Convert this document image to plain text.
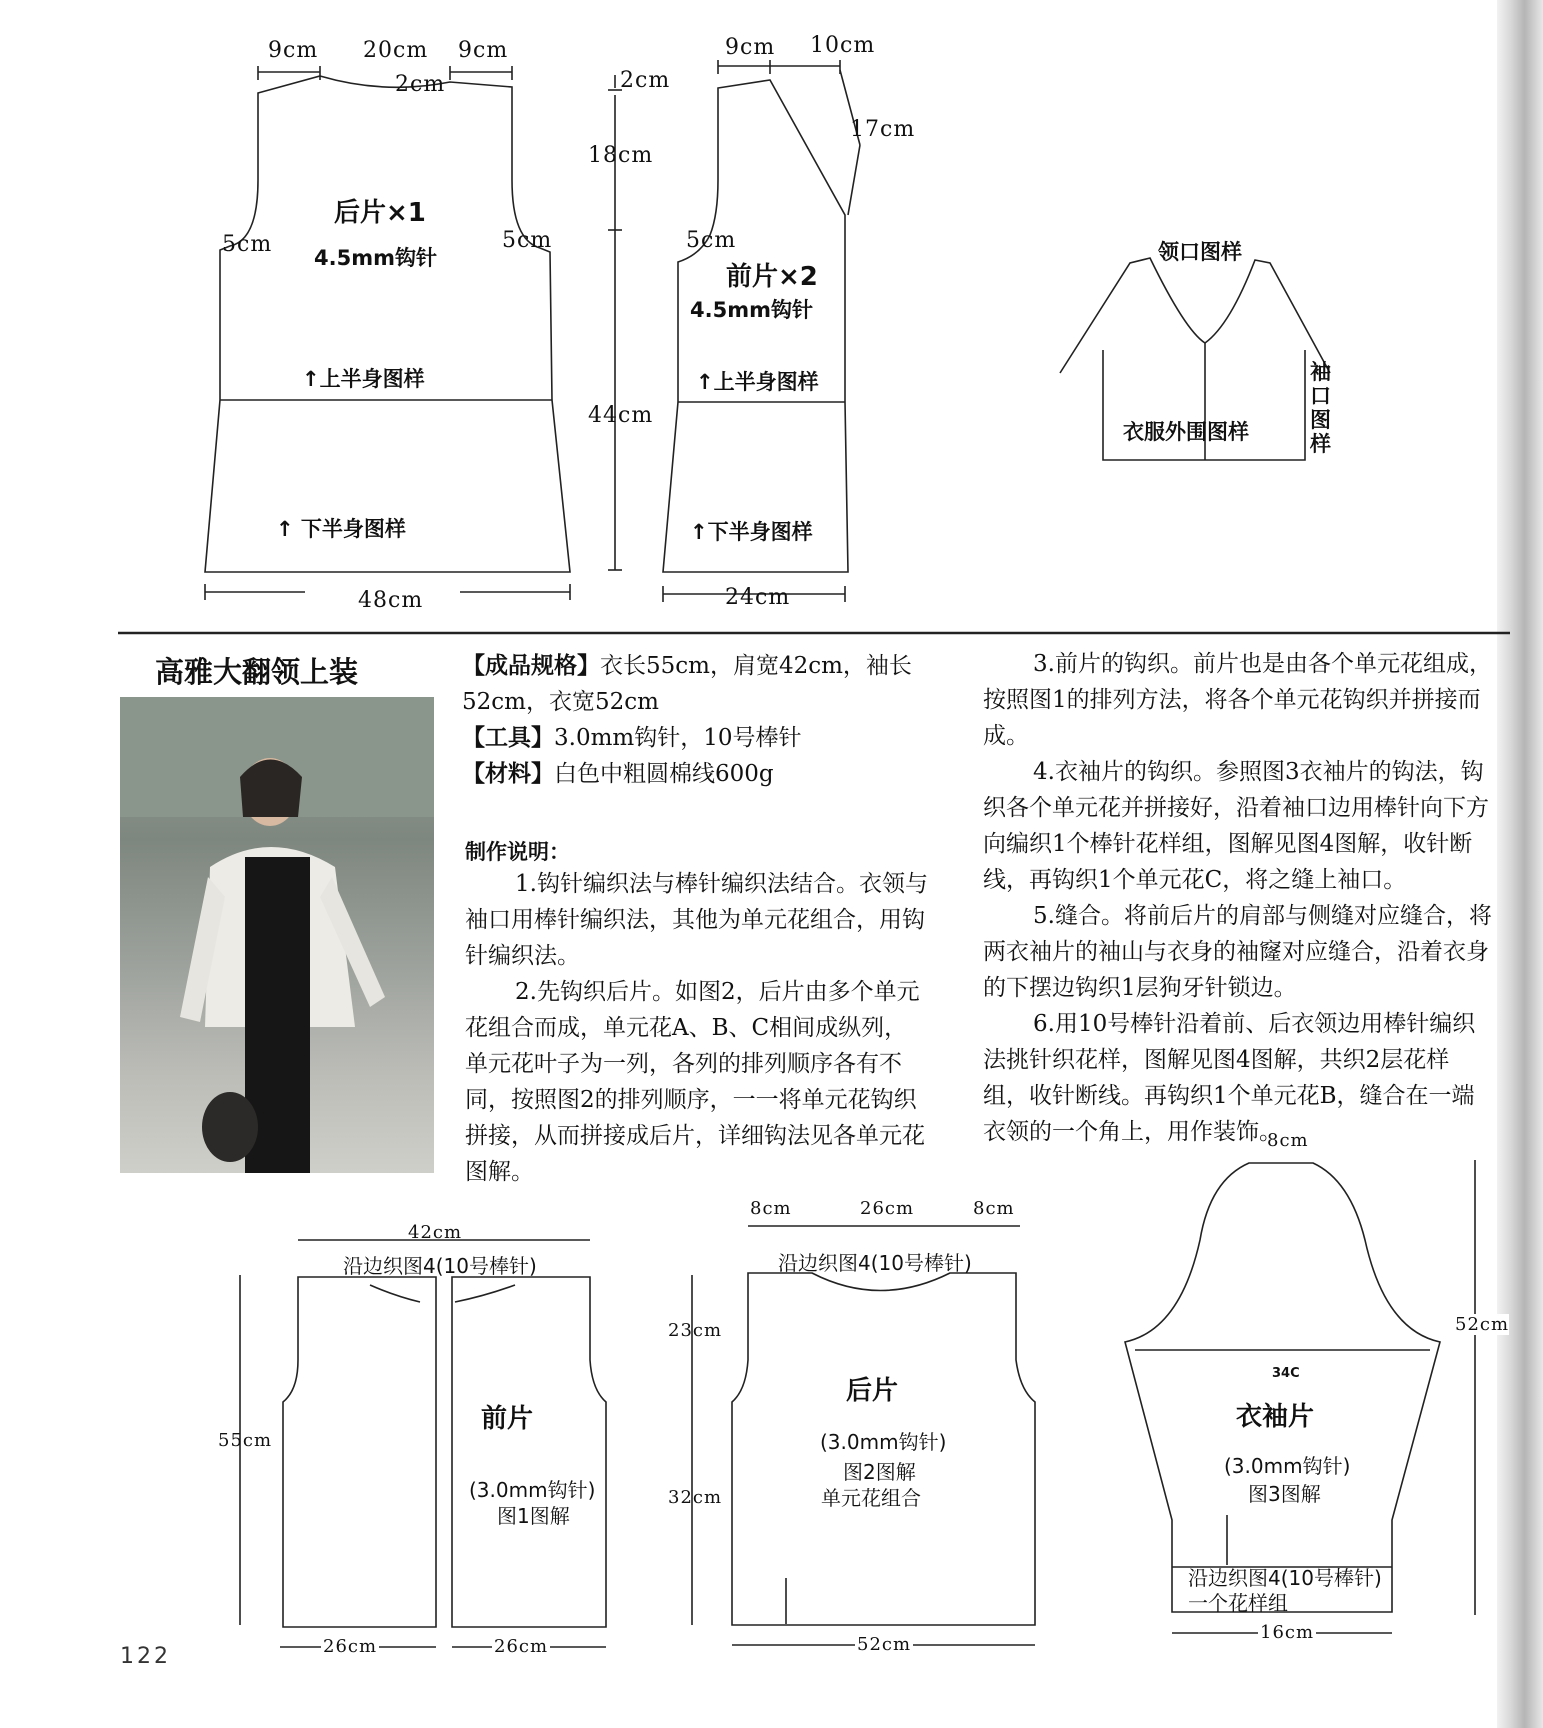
9cm 20cm 9cm
2cm
后片×1
4.5mm钩针
5cm	5cm
↑上半身图样
↑ 下半身图样
48cm
2cm
18cm
44cm
9cm 10cm
17cm
5cm
前片×2
4.5mm钩针
↑上半身图样
↑下半身图样
24cm
领口图样
袖口图样
衣服外围图样
高雅大翻领上装	【成品规格】衣长55cm，肩宽42cm，袖长52cm，衣宽52cm

【工具】3.0mm钩针，10号棒针

【材料】白色中粗圆棉线600g

制作说明：

1.钩针编织法与棒针编织法结合。衣领与袖口用棒针编织法，其他为单元花组合，用钩针编织法。

2.先钩织后片。如图2，后片由多个单元花组合而成，单元花A、B、C相间成纵列，单元花叶子为一列，各列的排列顺序各有不同，按照图2的排列顺序，一一将单元花钩织拼接，从而拼接成后片，详细钩法见各单元花图解。

3.前片的钩织。前片也是由各个单元花组成，按照图1的排列方法，将各个单元花钩织并拼接而成。

4.衣袖片的钩织。参照图3衣袖片的钩法，钩织各个单元花并拼接好，沿着袖口边用棒针向下方向编织1个棒针花样组，图解见图4图解，收针断线，再钩织1个单元花C，将之缝上袖口。

5.缝合。将前后片的肩部与侧缝对应缝合，将两衣袖片的袖山与衣身的袖窿对应缝合，沿着衣身的下摆边钩织1层狗牙针锁边。

6.用10号棒针沿着前、后衣领边用棒针编织法挑针织花样，图解见图4图解，共织2层花样组，收针断线。再钩织1个单元花B，缝合在一端衣领的一个角上，用作装饰。

42cm
沿边织图4(10号棒针)
55cm
前片
(3.0mm钩针)
图1图解
26cm	26cm
8cm	26cm	8cm
沿边织图4(10号棒针)
23cm
32cm
后片
(3.0mm钩针)
图2图解
单元花组合
52cm
8cm
52cm
34C
衣袖片
(3.0mm钩针)
图3图解
沿边织图4(10号棒针)
一个花样组
16cm
122
